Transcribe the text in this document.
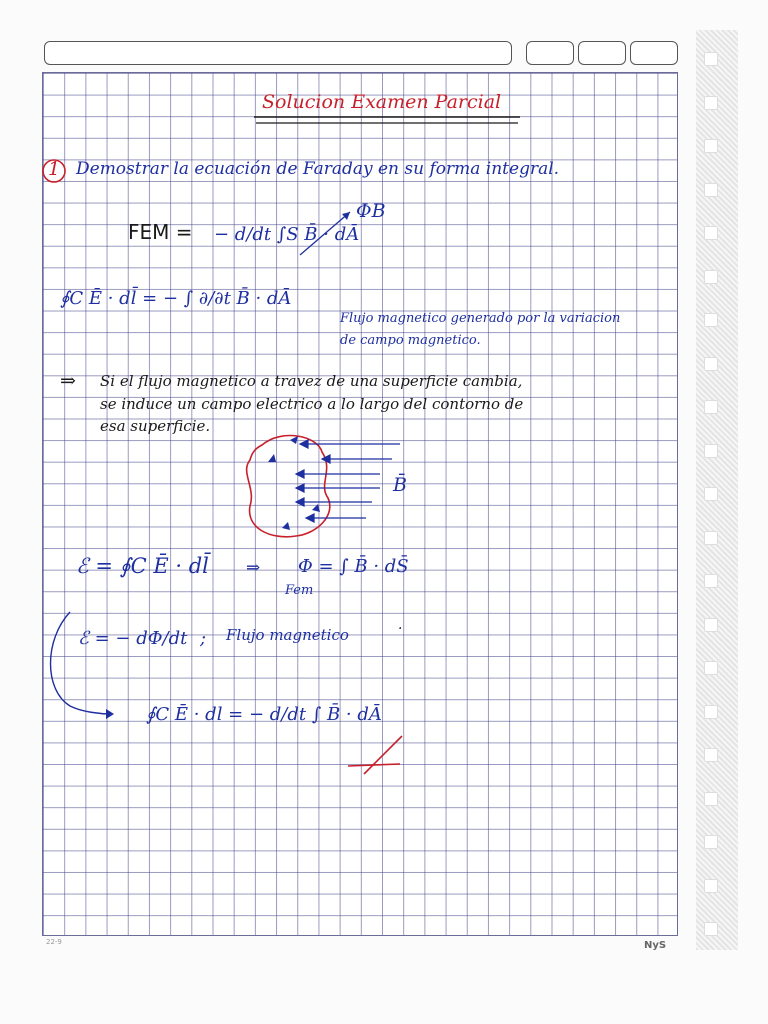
Solucion Examen Parcial
1 Demostrar la ecuación de Faraday en su forma integral.
FEM = − d/dt ∫S B̄ · dĀ
ΦB
∮C Ē · dl̄ = − ∫ ∂/∂t B̄ · dĀ
Flujo magnetico generado por la variacion
de campo magnetico.
⇒ Si el flujo magnetico a travez de una superficie cambia,
se induce un campo electrico a lo largo del contorno de
esa superficie.
B̄
ℰ = ∮C Ē · dl̄ ⇒ Φ = ∫ B̄ · dS̄
Fem
ℰ = − dΦ/dt ; Flujo magnetico	·
∮C Ē · dl = − d/dt ∫ B̄ · dĀ
NyS
22-9
